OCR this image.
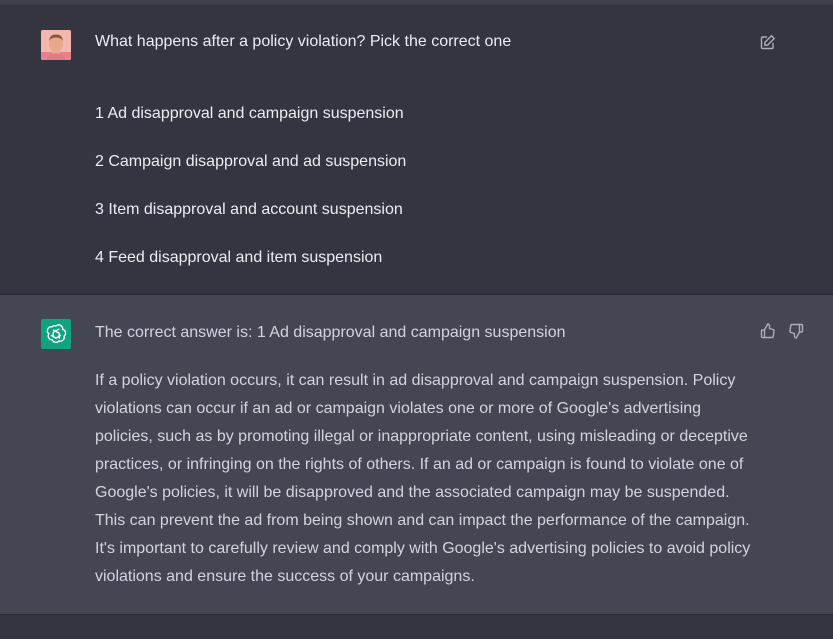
What happens after a policy violation? Pick the correct one
1 Ad disapproval and campaign suspension
2 Campaign disapproval and ad suspension
3 Item disapproval and account suspension
4 Feed disapproval and item suspension
The correct answer is: 1 Ad disapproval and campaign suspension
If a policy violation occurs, it can result in ad disapproval and campaign suspension. Policy violations can occur if an ad or campaign violates one or more of Google's advertising policies, such as by promoting illegal or inappropriate content, using misleading or deceptive practices, or infringing on the rights of others. If an ad or campaign is found to violate one of Google's policies, it will be disapproved and the associated campaign may be suspended. This can prevent the ad from being shown and can impact the performance of the campaign. It's important to carefully review and comply with Google's advertising policies to avoid policy violations and ensure the success of your campaigns.
